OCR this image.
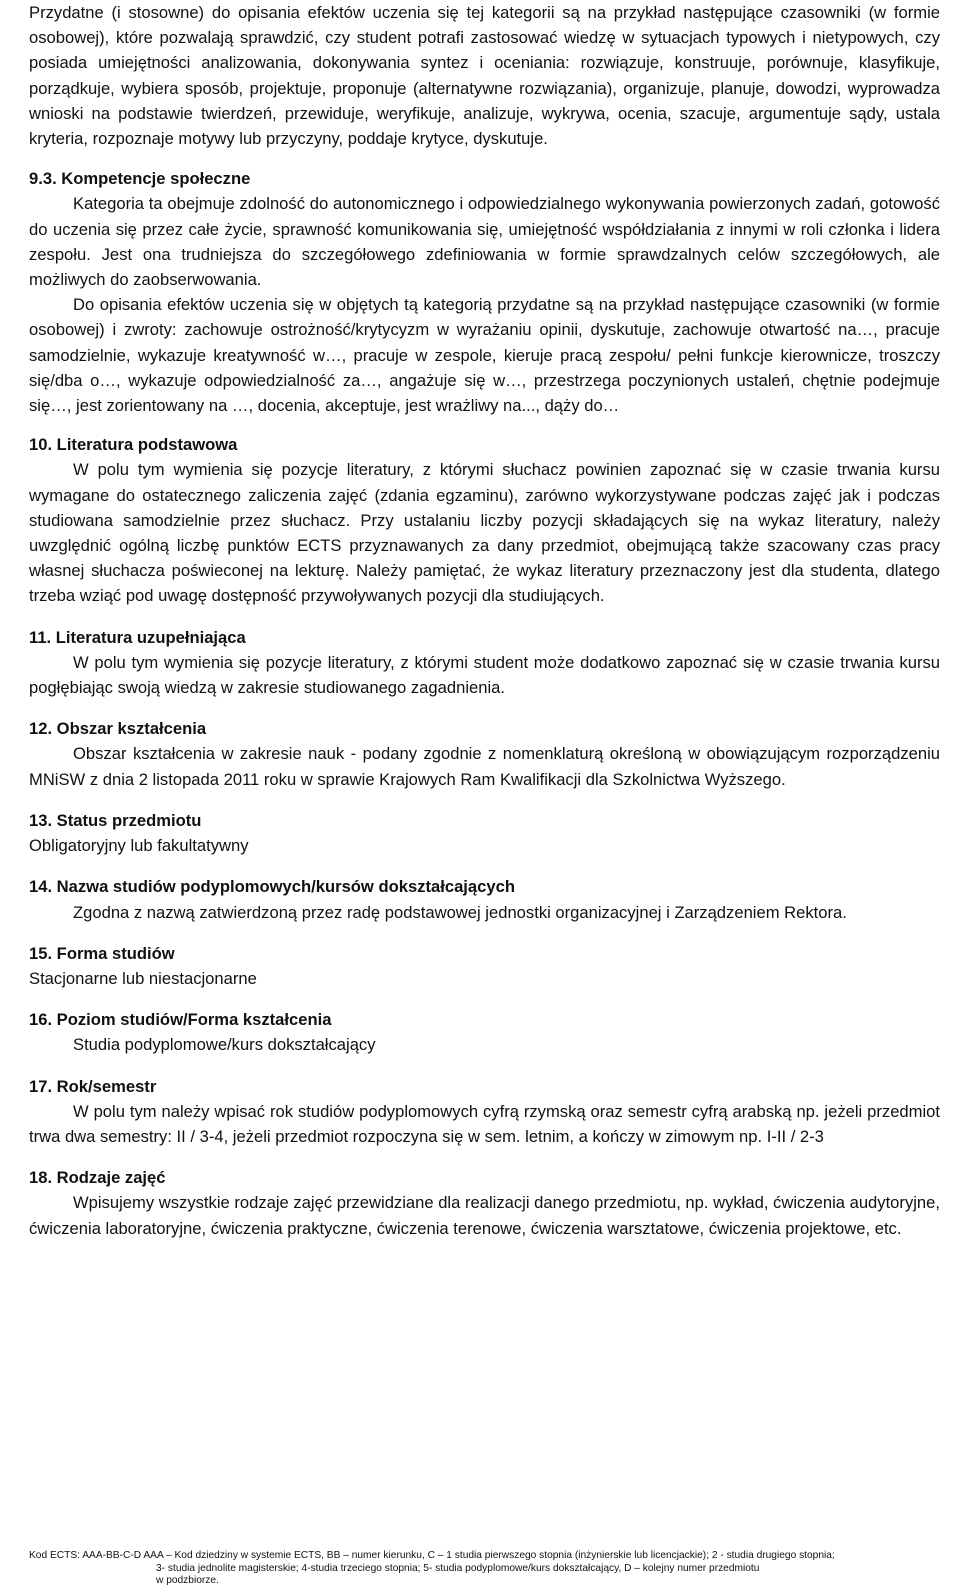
Przydatne (i stosowne) do opisania efektów uczenia się tej kategorii są na przykład następujące czasowniki (w formie osobowej), które pozwalają sprawdzić, czy student potrafi zastosować wiedzę w sytuacjach typowych i nietypowych, czy posiada umiejętności analizowania, dokonywania syntez i oceniania: rozwiązuje, konstruuje, porównuje, klasyfikuje, porządkuje, wybiera sposób, projektuje, proponuje (alternatywne rozwiązania), organizuje, planuje, dowodzi, wyprowadza wnioski na podstawie twierdzeń, przewiduje, weryfikuje, analizuje, wykrywa, ocenia, szacuje, argumentuje sądy, ustala kryteria, rozpoznaje motywy lub przyczyny, poddaje krytyce, dyskutuje.

9.3. Kompetencje społeczne

Kategoria ta obejmuje zdolność do autonomicznego i odpowiedzialnego wykonywania powierzonych zadań, gotowość do uczenia się przez całe życie, sprawność komunikowania się, umiejętność współdziałania z innymi w roli członka i lidera zespołu. Jest ona trudniejsza do szczegółowego zdefiniowania w formie sprawdzalnych celów szczegółowych, ale możliwych do zaobserwowania.

Do opisania efektów uczenia się w objętych tą kategorią przydatne są na przykład następujące czasowniki (w formie osobowej) i zwroty: zachowuje ostrożność/krytycyzm w wyrażaniu opinii, dyskutuje, zachowuje otwartość na…, pracuje samodzielnie, wykazuje kreatywność w…, pracuje w zespole, kieruje pracą zespołu/ pełni funkcje kierownicze, troszczy się/dba o…, wykazuje odpowiedzialność za…, angażuje się w…, przestrzega poczynionych ustaleń, chętnie podejmuje się…, jest zorientowany na …, docenia, akceptuje, jest wrażliwy na..., dąży do…

10. Literatura podstawowa

W polu tym wymienia się pozycje literatury, z którymi słuchacz powinien zapoznać się w czasie trwania kursu wymagane do ostatecznego zaliczenia zajęć (zdania egzaminu), zarówno wykorzystywane podczas zajęć jak i podczas studiowana samodzielnie przez słuchacz. Przy ustalaniu liczby pozycji składających się na wykaz literatury, należy uwzględnić ogólną liczbę punktów ECTS przyznawanych za dany przedmiot, obejmującą także szacowany czas pracy własnej słuchacza poświeconej na lekturę. Należy pamiętać, że wykaz literatury przeznaczony jest dla studenta, dlatego trzeba wziąć pod uwagę dostępność przywoływanych pozycji dla studiujących.

11. Literatura uzupełniająca

W polu tym wymienia się pozycje literatury, z którymi student może dodatkowo zapoznać się w czasie trwania kursu pogłębiając swoją wiedzą w zakresie studiowanego zagadnienia.

12. Obszar kształcenia

Obszar kształcenia w zakresie nauk - podany zgodnie z nomenklaturą określoną w obowiązującym rozporządzeniu MNiSW z dnia 2 listopada 2011 roku w sprawie Krajowych Ram Kwalifikacji dla Szkolnictwa Wyższego.

13. Status przedmiotu

Obligatoryjny lub fakultatywny

14. Nazwa studiów podyplomowych/kursów dokształcających

Zgodna z nazwą zatwierdzoną przez radę podstawowej jednostki organizacyjnej i Zarządzeniem Rektora.

15. Forma studiów

Stacjonarne lub niestacjonarne

16. Poziom studiów/Forma kształcenia

Studia podyplomowe/kurs dokształcający

17. Rok/semestr

W polu tym należy wpisać rok studiów podyplomowych cyfrą rzymską oraz semestr cyfrą arabską np. jeżeli przedmiot trwa dwa semestry: II / 3-4, jeżeli przedmiot rozpoczyna się w sem. letnim, a kończy w zimowym np. I-II / 2-3

18. Rodzaje zajęć

Wpisujemy wszystkie rodzaje zajęć przewidziane dla realizacji danego przedmiotu, np. wykład, ćwiczenia audytoryjne, ćwiczenia laboratoryjne, ćwiczenia praktyczne, ćwiczenia terenowe, ćwiczenia warsztatowe, ćwiczenia projektowe, etc.

Kod ECTS: AAA-BB-C-D AAA – Kod dziedziny w systemie ECTS, BB – numer kierunku, C – 1 studia pierwszego stopnia (inżynierskie lub licencjackie); 2 - studia drugiego stopnia;
3- studia jednolite magisterskie; 4-studia trzeciego stopnia; 5- studia podyplomowe/kurs dokształcający, D – kolejny numer przedmiotu
w podzbiorze.
